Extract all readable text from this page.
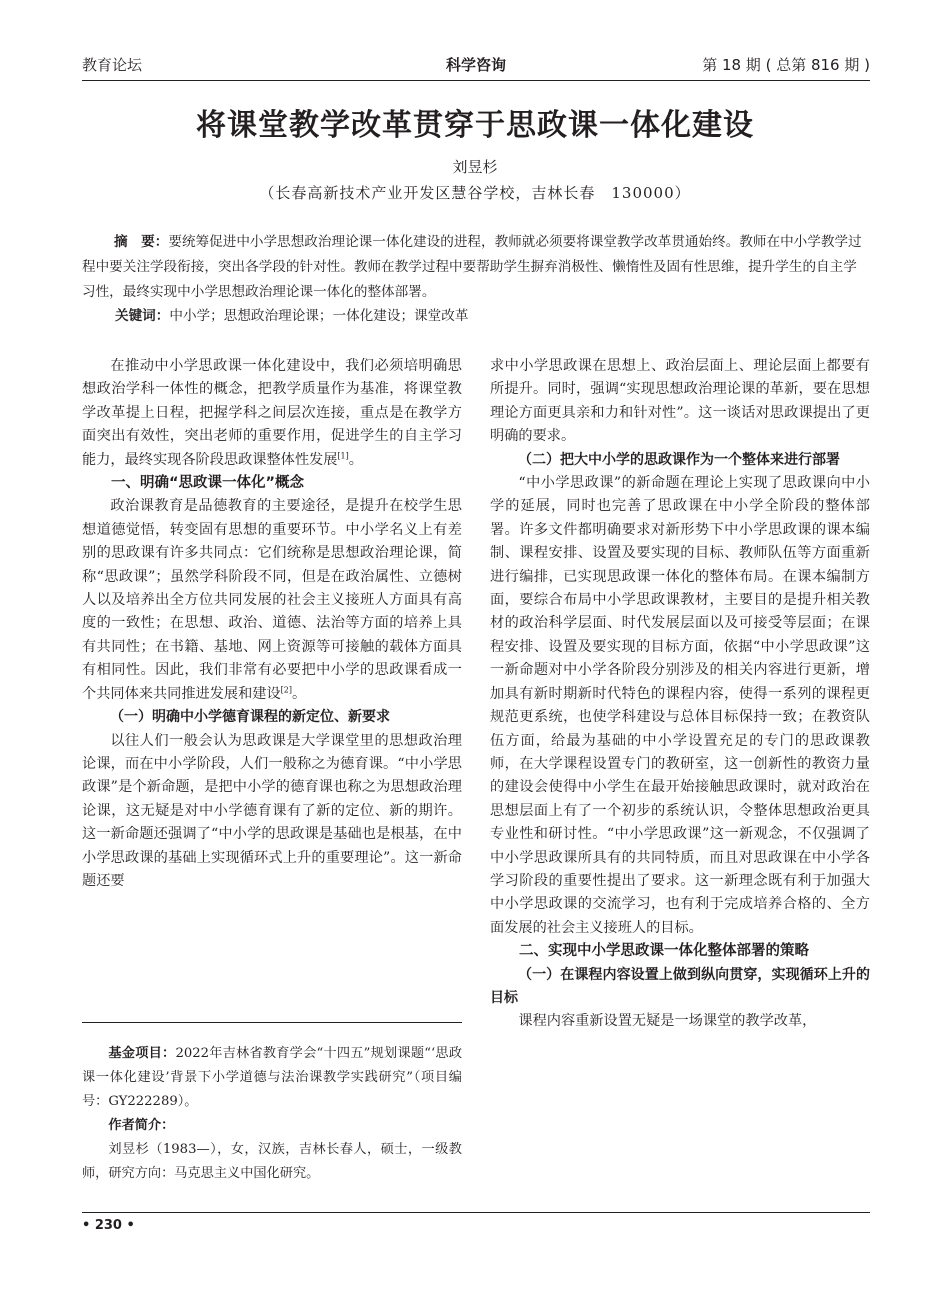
教育论坛	科学咨询	第 18 期 ( 总第 816 期 )
将课堂教学改革贯穿于思政课一体化建设
刘昱杉
（长春高新技术产业开发区慧谷学校，吉林长春　130000）
摘　要：要统筹促进中小学思想政治理论课一体化建设的进程，教师就必须要将课堂教学改革贯通始终。教师在中小学教学过程中要关注学段衔接，突出各学段的针对性。教师在教学过程中要帮助学生摒弃消极性、懒惰性及固有性思维，提升学生的自主学习性，最终实现中小学思想政治理论课一体化的整体部署。
关键词：中小学；思想政治理论课；一体化建设；课堂改革

在推动中小学思政课一体化建设中，我们必须培明确思想政治学科一体性的概念，把教学质量作为基准，将课堂教学改革提上日程，把握学科之间层次连接，重点是在教学方面突出有效性，突出老师的重要作用，促进学生的自主学习能力，最终实现各阶段思政课整体性发展[1]。

一、明确“思政课一体化”概念

政治课教育是品德教育的主要途径，是提升在校学生思想道德觉悟，转变固有思想的重要环节。中小学名义上有差别的思政课有许多共同点：它们统称是思想政治理论课，简称“思政课”；虽然学科阶段不同，但是在政治属性、立德树人以及培养出全方位共同发展的社会主义接班人方面具有高度的一致性；在思想、政治、道德、法治等方面的培养上具有共同性；在书籍、基地、网上资源等可接触的载体方面具有相同性。因此，我们非常有必要把中小学的思政课看成一个共同体来共同推进发展和建设[2]。

（一）明确中小学德育课程的新定位、新要求

以往人们一般会认为思政课是大学课堂里的思想政治理论课，而在中小学阶段，人们一般称之为德育课。“中小学思政课”是个新命题，是把中小学的德育课也称之为思想政治理论课，这无疑是对中小学德育课有了新的定位、新的期许。这一新命题还强调了“中小学的思政课是基础也是根基，在中小学思政课的基础上实现循环式上升的重要理论”。这一新命题还要

基金项目：2022年吉林省教育学会“十四五”规划课题“‘思政课一体化建设’背景下小学道德与法治课教学实践研究”（项目编号：GY222289）。

作者简介：

刘昱杉（1983—），女，汉族，吉林长春人，硕士，一级教师，研究方向：马克思主义中国化研究。

求中小学思政课在思想上、政治层面上、理论层面上都要有所提升。同时，强调“实现思想政治理论课的革新，要在思想理论方面更具亲和力和针对性”。这一谈话对思政课提出了更明确的要求。

（二）把大中小学的思政课作为一个整体来进行部署

“中小学思政课”的新命题在理论上实现了思政课向中小学的延展，同时也完善了思政课在中小学全阶段的整体部署。许多文件都明确要求对新形势下中小学思政课的课本编制、课程安排、设置及要实现的目标、教师队伍等方面重新进行编排，已实现思政课一体化的整体布局。在课本编制方面，要综合布局中小学思政课教材，主要目的是提升相关教材的政治科学层面、时代发展层面以及可接受等层面；在课程安排、设置及要实现的目标方面，依据“中小学思政课”这一新命题对中小学各阶段分别涉及的相关内容进行更新，增加具有新时期新时代特色的课程内容，使得一系列的课程更规范更系统，也使学科建设与总体目标保持一致；在教资队伍方面，给最为基础的中小学设置充足的专门的思政课教师，在大学课程设置专门的教研室，这一创新性的教资力量的建设会使得中小学生在最开始接触思政课时，就对政治在思想层面上有了一个初步的系统认识，令整体思想政治更具专业性和研讨性。“中小学思政课”这一新观念，不仅强调了中小学思政课所具有的共同特质，而且对思政课在中小学各学习阶段的重要性提出了要求。这一新理念既有利于加强大中小学思政课的交流学习，也有利于完成培养合格的、全方面发展的社会主义接班人的目标。

二、实现中小学思政课一体化整体部署的策略
（一）在课程内容设置上做到纵向贯穿，实现循环上升的目标

课程内容重新设置无疑是一场课堂的教学改革，

• 230 •
